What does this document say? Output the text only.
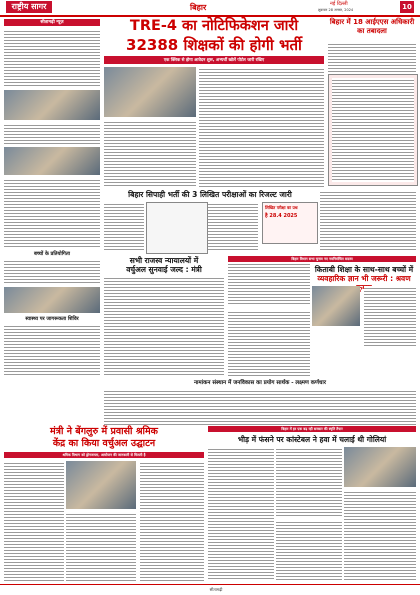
राष्ट्रीय सागर	बिहार	नई दिल्ली
शुक्रवार 28 अगस्त, 2024	10
सीतामढ़ी न्यूज़
बच्चों के प्रतियोगिता
स्वास्थ्य पर जागरूकता शिविर
TRE-4 का नोटिफिकेशन जारी
32388 शिक्षकों की होगी भर्ती
एक क्लिक से होगा आवेदन शुरू, अभ्यर्थी खोलें पोर्टल जारी रखिए
बिहार में 18 आईएएस अधिकारी का तबादला
बिहार सिपाही भर्ती की 3 लिखित परीक्षाओं का रिजल्ट जारी
लिखित परीक्षा का प्रश्न
है 28.4 2025
सभी राजस्व न्यायालयों में
वर्चुअल सुनवाई जल्द : मंत्री
बिहार विधान सभा चुनाव नए नवनिर्वाचित सदस्य
किताबी शिक्षा के साथ-साथ बच्चों में
व्यवहारिक ज्ञान भी जरूरी : श्रवण
नामांकन संस्थान में जनविकास का प्रयोग सार्थक - लक्ष्मण कर्णधार
मंत्री ने बेंगलुरु में प्रवासी श्रमिक
केंद्र का किया वर्चुअल उद्घाटन
श्रमिक विभाग को ड्रोनजनता, आयोजन की जानकारी से मिलती है
बिहार में हर एक बढ़ रही सरकार की स्मृति तैयार
भीड़ में फंसने पर कांस्टेबल ने हवा में चलाई थी गोलियां
सीतामढ़ी
